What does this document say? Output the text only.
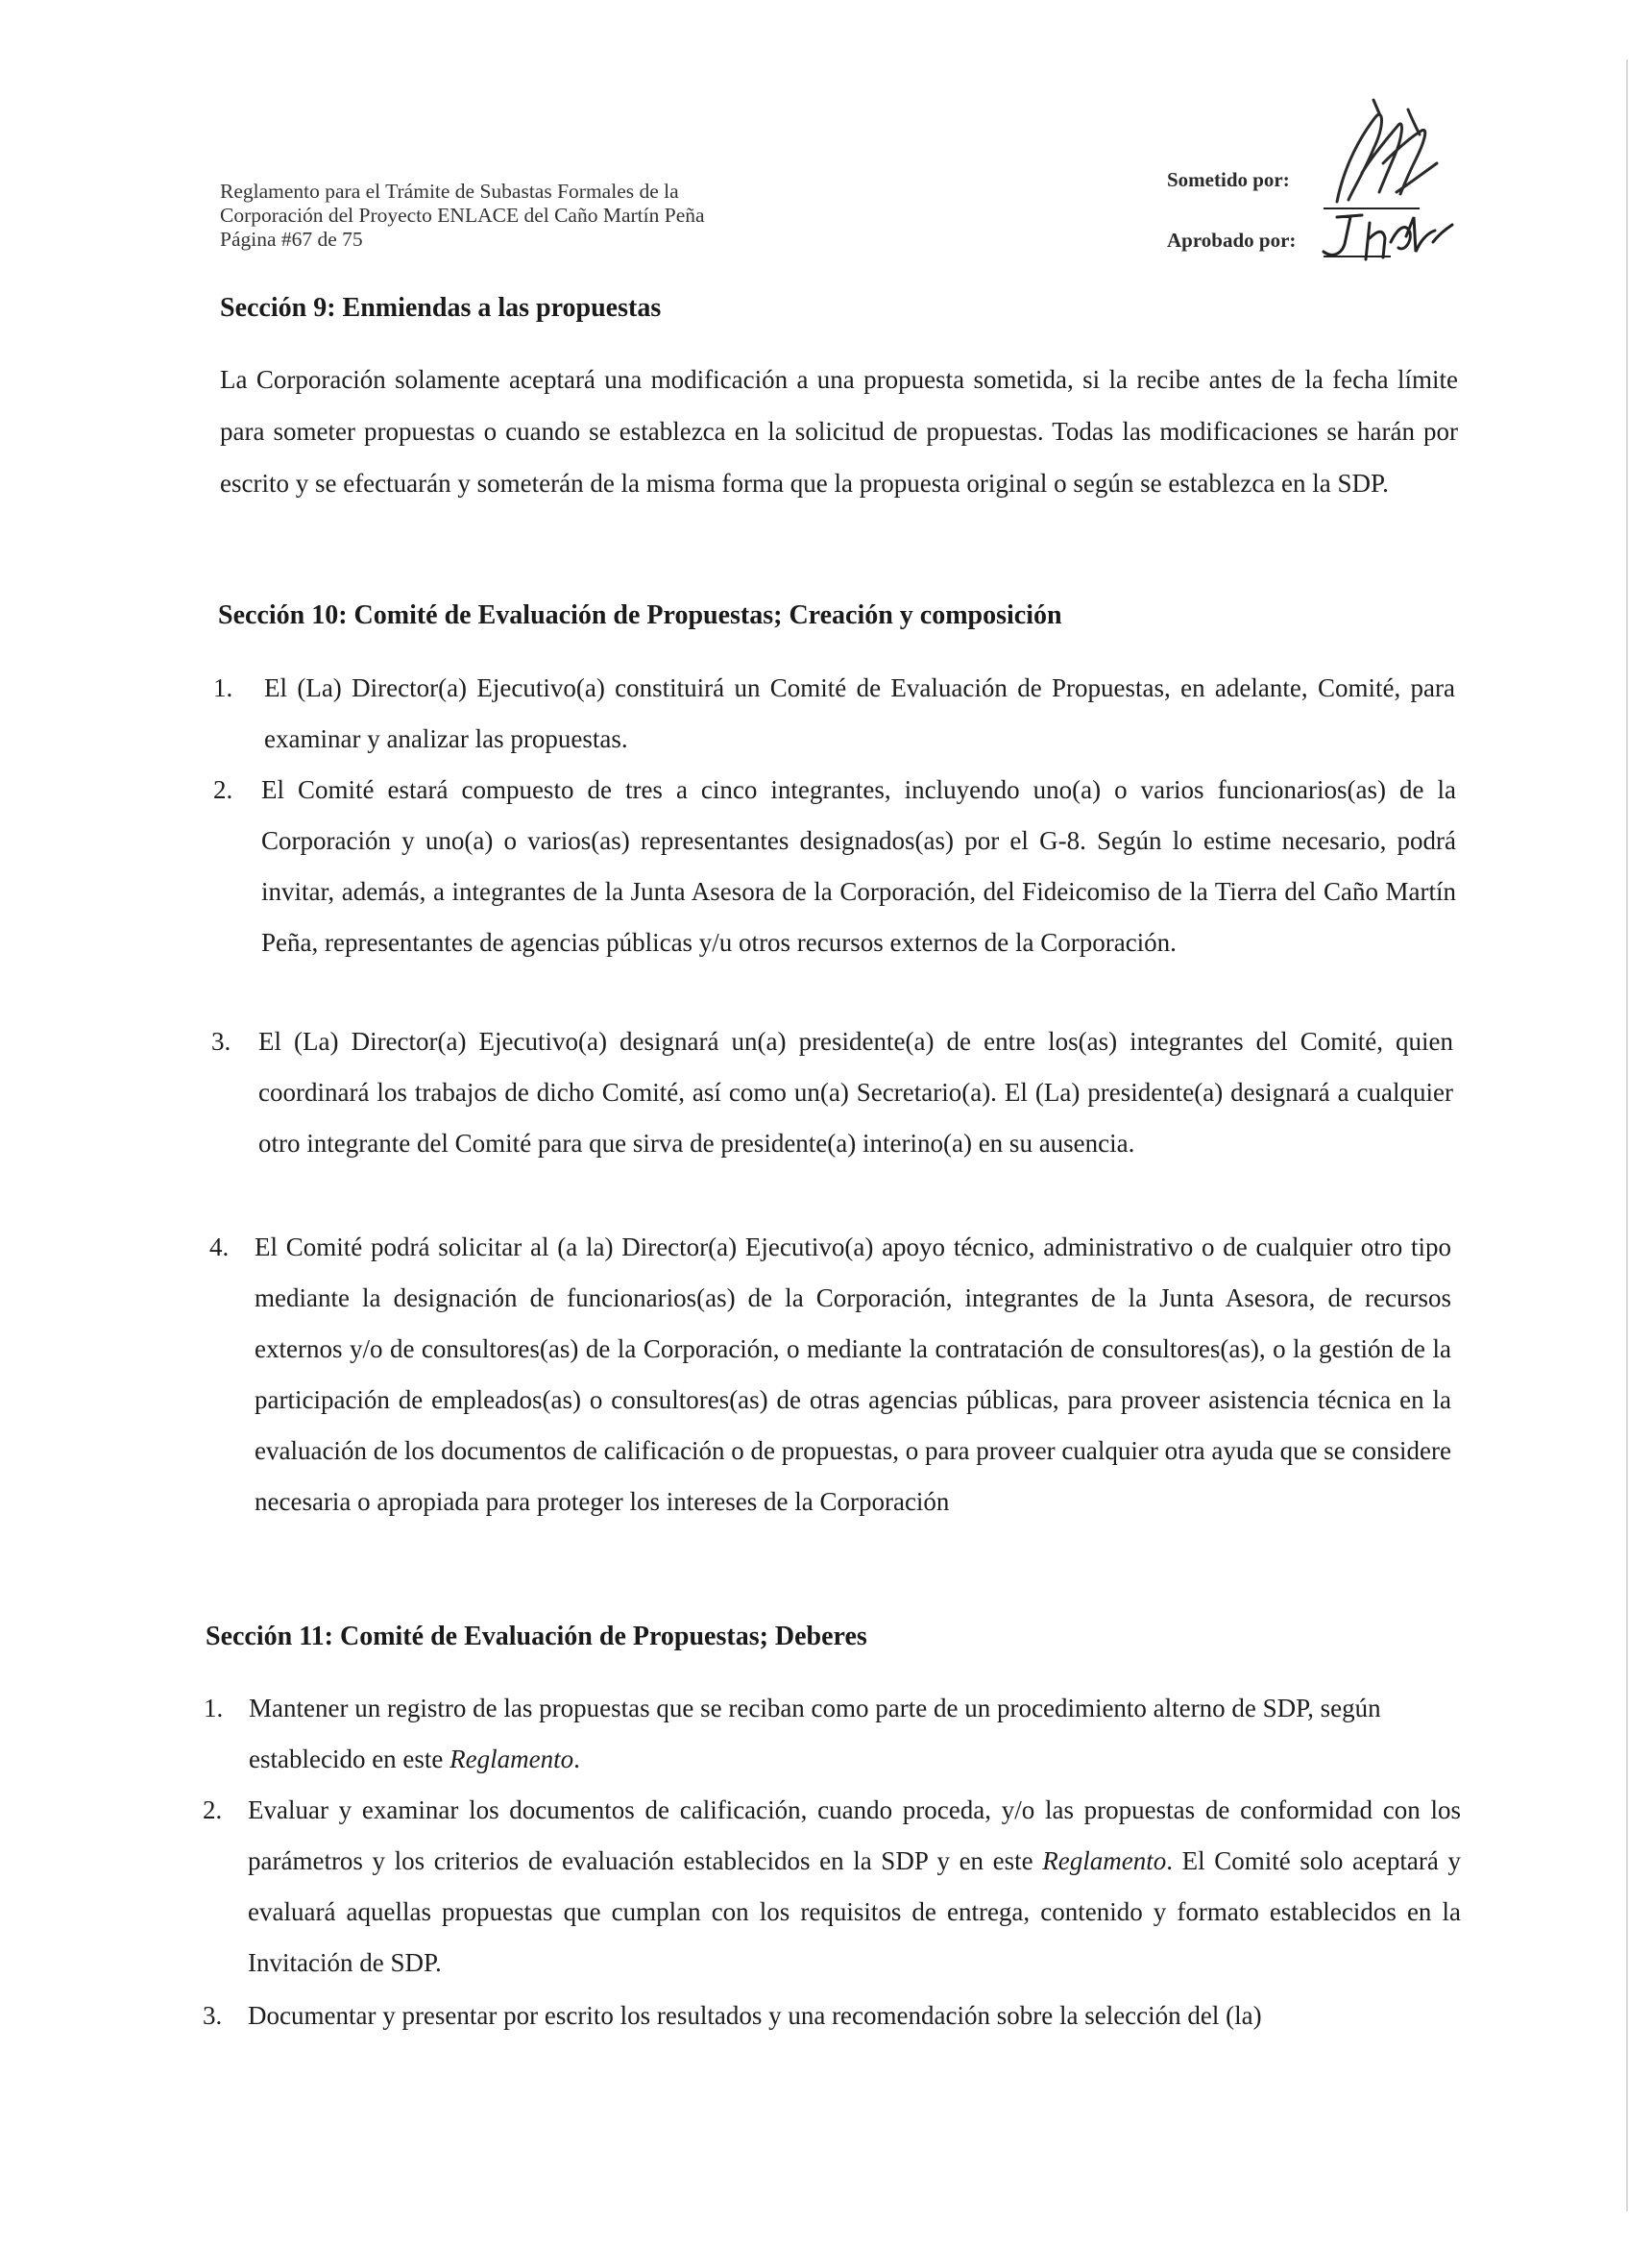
Reglamento para el Trámite de Subastas Formales de la
Corporación del Proyecto ENLACE del Caño Martín Peña
Página #67 de 75
Sometido por:
Aprobado por:
Sección 9: Enmiendas a las propuestas
La Corporación solamente aceptará una modificación a una propuesta sometida, si la recibe antes de la fecha límite para someter propuestas o cuando se establezca en la solicitud de propuestas. Todas las modificaciones se harán por escrito y se efectuarán y someterán de la misma forma que la propuesta original o según se establezca en la SDP.
Sección 10: Comité de Evaluación de Propuestas; Creación y composición
1. El (La) Director(a) Ejecutivo(a) constituirá un Comité de Evaluación de Propuestas, en adelante, Comité, para examinar y analizar las propuestas.
2. El Comité estará compuesto de tres a cinco integrantes, incluyendo uno(a) o varios funcionarios(as) de la Corporación y uno(a) o varios(as) representantes designados(as) por el G-8. Según lo estime necesario, podrá invitar, además, a integrantes de la Junta Asesora de la Corporación, del Fideicomiso de la Tierra del Caño Martín Peña, representantes de agencias públicas y/u otros recursos externos de la Corporación.
3. El (La) Director(a) Ejecutivo(a) designará un(a) presidente(a) de entre los(as) integrantes del Comité, quien coordinará los trabajos de dicho Comité, así como un(a) Secretario(a). El (La) presidente(a) designará a cualquier otro integrante del Comité para que sirva de presidente(a) interino(a) en su ausencia.
4. El Comité podrá solicitar al (a la) Director(a) Ejecutivo(a) apoyo técnico, administrativo o de cualquier otro tipo mediante la designación de funcionarios(as) de la Corporación, integrantes de la Junta Asesora, de recursos externos y/o de consultores(as) de la Corporación, o mediante la contratación de consultores(as), o la gestión de la participación de empleados(as) o consultores(as) de otras agencias públicas, para proveer asistencia técnica en la evaluación de los documentos de calificación o de propuestas, o para proveer cualquier otra ayuda que se considere necesaria o apropiada para proteger los intereses de la Corporación
Sección 11: Comité de Evaluación de Propuestas; Deberes
1. Mantener un registro de las propuestas que se reciban como parte de un procedimiento alterno de SDP, según establecido en este Reglamento.
2. Evaluar y examinar los documentos de calificación, cuando proceda, y/o las propuestas de conformidad con los parámetros y los criterios de evaluación establecidos en la SDP y en este Reglamento. El Comité solo aceptará y evaluará aquellas propuestas que cumplan con los requisitos de entrega, contenido y formato establecidos en la Invitación de SDP.
3. Documentar y presentar por escrito los resultados y una recomendación sobre la selección del (la)
